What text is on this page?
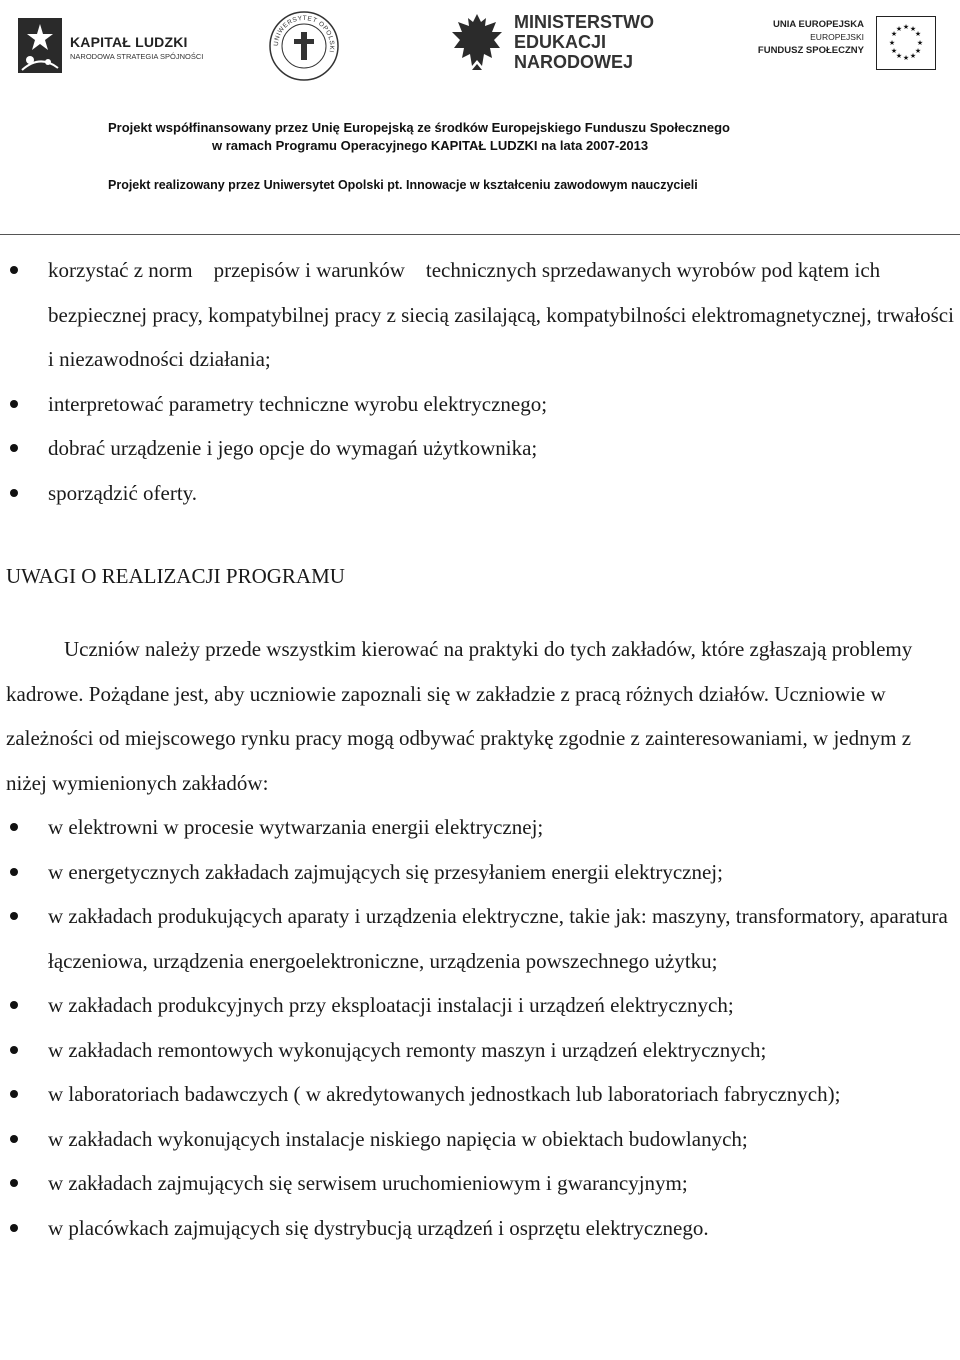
KAPITAŁ LUDZKI
NARODOWA STRATEGIA SPÓJNOŚCI
UNIWERSYTET OPOLSKI
MINISTERSTWO
EDUKACJI
NARODOWEJ
UNIA EUROPEJSKA
EUROPEJSKI
FUNDUSZ SPOŁECZNY
★ ★
★
★
★
★
★
★
★
★
★
★
Projekt współfinansowany przez Unię Europejską ze środków Europejskiego Funduszu Społecznego
w ramach Programu Operacyjnego KAPITAŁ LUDZKI na lata 2007-2013
Projekt realizowany przez Uniwersytet Opolski pt. Innowacje w kształceniu zawodowym nauczycieli
korzystać z norm    przepisów i warunków    technicznych sprzedawanych wyrobów pod kątem ich bezpiecznej pracy, kompatybilnej pracy z siecią zasilającą, kompatybilności elektromagnetycznej, trwałości i niezawodności działania;
interpretować parametry techniczne wyrobu elektrycznego;
dobrać urządzenie i jego opcje do wymagań użytkownika;
sporządzić oferty.
UWAGI O REALIZACJI PROGRAMU
Uczniów należy przede wszystkim kierować na praktyki do tych zakładów, które zgłaszają problemy kadrowe. Pożądane jest, aby uczniowie zapoznali się w zakładzie z pracą różnych działów. Uczniowie w zależności od miejscowego rynku pracy mogą odbywać praktykę zgodnie z zainteresowaniami, w jednym z niżej wymienionych zakładów:
w elektrowni w procesie wytwarzania energii elektrycznej;
w energetycznych zakładach zajmujących się przesyłaniem energii elektrycznej;
w zakładach produkujących aparaty i urządzenia elektryczne, takie jak: maszyny, transformatory, aparatura łączeniowa, urządzenia energoelektroniczne, urządzenia powszechnego użytku;
w zakładach produkcyjnych przy eksploatacji instalacji i urządzeń elektrycznych;
w zakładach remontowych wykonujących remonty maszyn i urządzeń elektrycznych;
w laboratoriach badawczych ( w akredytowanych jednostkach lub laboratoriach fabrycznych);
w zakładach wykonujących instalacje niskiego napięcia w obiektach budowlanych;
w zakładach zajmujących się serwisem uruchomieniowym i gwarancyjnym;
w placówkach zajmujących się dystrybucją urządzeń i osprzętu elektrycznego.
